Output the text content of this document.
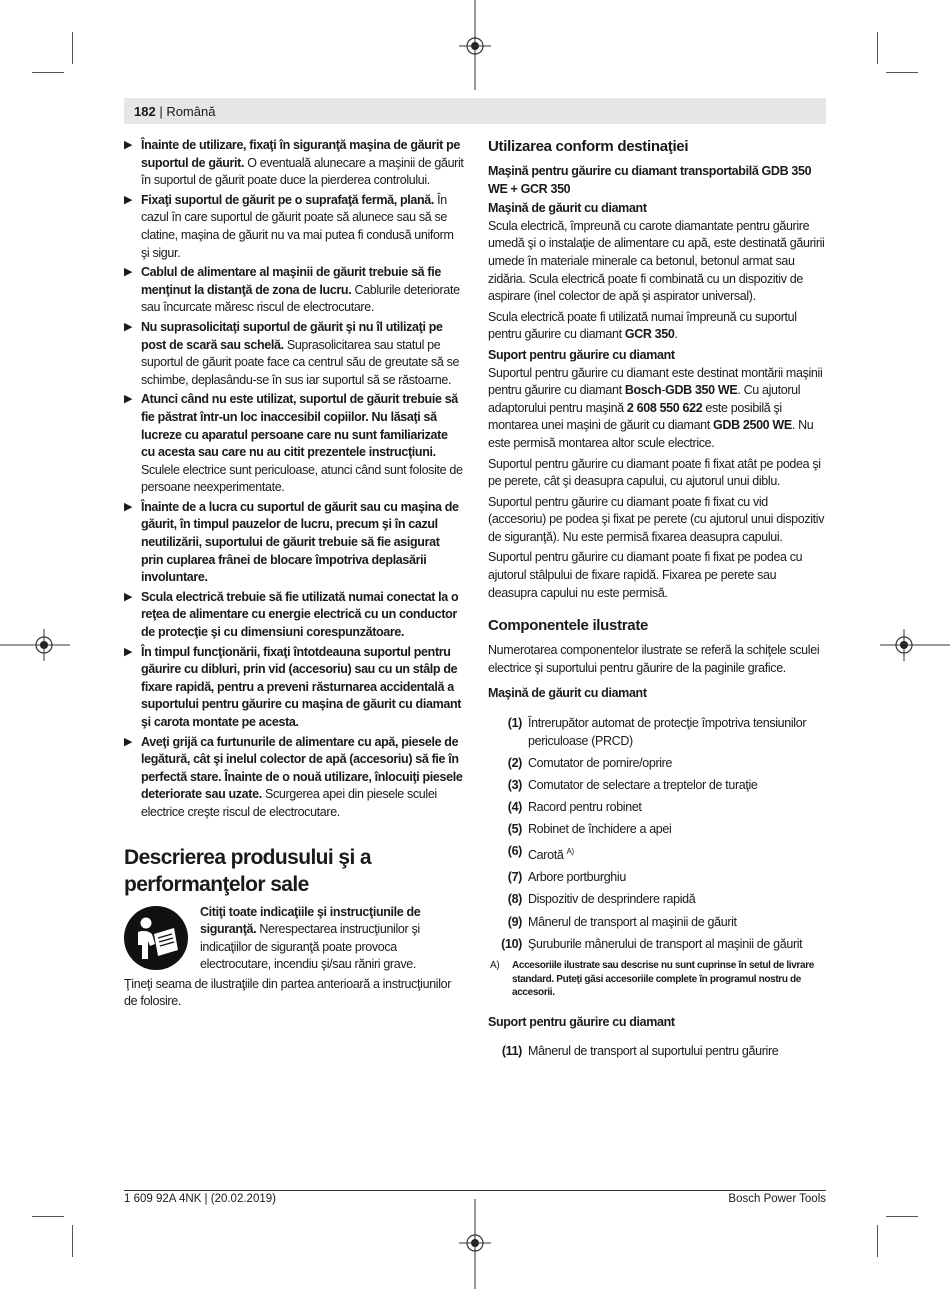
182 | Română
▶ Înainte de utilizare, fixaţi în siguranţă maşina de găurit pe suportul de găurit. O eventuală alunecare a maşinii de găurit în suportul de găurit poate duce la pierderea controlului.
▶ Fixaţi suportul de găurit pe o suprafaţă fermă, plană. În cazul în care suportul de găurit poate să alunece sau să se clatine, maşina de găurit nu va mai putea fi condusă uniform şi sigur.
▶ Cablul de alimentare al maşinii de găurit trebuie să fie menţinut la distanţă de zona de lucru. Cablurile deteriorate sau încurcate măresc riscul de electrocutare.
▶ Nu suprasolicitaţi suportul de găurit şi nu îl utilizaţi pe post de scară sau schelă. Suprasolicitarea sau statul pe suportul de găurit poate face ca centrul său de greutate să se schimbe, deplasându-se în sus iar suportul să se răstoarne.
▶ Atunci când nu este utilizat, suportul de găurit trebuie să fie păstrat într-un loc inaccesibil copiilor. Nu lăsaţi să lucreze cu aparatul persoane care nu sunt familiarizate cu acesta sau care nu au citit prezentele instrucţiuni. Sculele electrice sunt periculoase, atunci când sunt folosite de persoane neexperimentate.
▶ Înainte de a lucra cu suportul de găurit sau cu maşina de găurit, în timpul pauzelor de lucru, precum şi în cazul neutilizării, suportului de găurit trebuie să fie asigurat prin cuplarea frânei de blocare împotriva deplasării involuntare.
▶ Scula electrică trebuie să fie utilizată numai conectat la o reţea de alimentare cu energie electrică cu un conductor de protecţie şi cu dimensiuni corespunzătoare.
▶ În timpul funcţionării, fixaţi întotdeauna suportul pentru găurire cu dibluri, prin vid (accesoriu) sau cu un stâlp de fixare rapidă, pentru a preveni răsturnarea accidentală a suportului pentru găurire cu maşina de găurit cu diamant şi carota montate pe acesta.
▶ Aveţi grijă ca furtunurile de alimentare cu apă, piesele de legătură, cât şi inelul colector de apă (accesoriu) să fie în perfectă stare. Înainte de o nouă utilizare, înlocuiţi piesele deteriorate sau uzate. Scurgerea apei din piesele sculei electrice creşte riscul de electrocutare.
Descrierea produsului şi a performanţelor sale
Citiţi toate indicaţiile şi instrucţiunile de siguranţă. Nerespectarea instrucţiunilor şi indicaţiilor de siguranţă poate provoca electrocutare, incendiu şi/sau răniri grave.
Ţineţi seama de ilustraţiile din partea anterioară a instrucţiunilor de folosire.
Utilizarea conform destinaţiei
Maşină pentru găurire cu diamant transportabilă GDB 350 WE + GCR 350
Maşină de găurit cu diamant
Scula electrică, împreună cu carote diamantate pentru găurire umedă şi o instalaţie de alimentare cu apă, este destinată găuririi umede în materiale minerale ca betonul, betonul armat sau zidăria. Scula electrică poate fi combinată cu un dispozitiv de aspirare (inel colector de apă şi aspirator universal).
Scula electrică poate fi utilizată numai împreună cu suportul pentru găurire cu diamant GCR 350.
Suport pentru găurire cu diamant
Suportul pentru găurire cu diamant este destinat montării maşinii pentru găurire cu diamant Bosch-GDB 350 WE. Cu ajutorul adaptorului pentru maşină 2 608 550 622 este posibilă şi montarea unei maşini de găurit cu diamant GDB 2500 WE. Nu este permisă montarea altor scule electrice.
Suportul pentru găurire cu diamant poate fi fixat atât pe podea şi pe perete, cât şi deasupra capului, cu ajutorul unui diblu.
Suportul pentru găurire cu diamant poate fi fixat cu vid (accesoriu) pe podea şi fixat pe perete (cu ajutorul unui dispozitiv de siguranţă). Nu este permisă fixarea deasupra capului.
Suportul pentru găurire cu diamant poate fi fixat pe podea cu ajutorul stâlpului de fixare rapidă. Fixarea pe perete sau deasupra capului nu este permisă.
Componentele ilustrate
Numerotarea componentelor ilustrate se referă la schiţele sculei electrice şi suportului pentru găurire de la paginile grafice.
Maşină de găurit cu diamant
(1) Întrerupător automat de protecţie împotriva tensiunilor periculoase (PRCD)
(2) Comutator de pornire/oprire
(3) Comutator de selectare a treptelor de turaţie
(4) Racord pentru robinet
(5) Robinet de închidere a apei
(6) Carotă $^{A)}$
(7) Arbore portburghiu
(8) Dispozitiv de desprindere rapidă
(9) Mânerul de transport al maşinii de găurit
(10) Şuruburile mânerului de transport al maşinii de găurit
A) Accesoriile ilustrate sau descrise nu sunt cuprinse în setul de livrare standard. Puteţi găsi accesoriile complete în programul nostru de accesorii.
Suport pentru găurire cu diamant
(11) Mânerul de transport al suportului pentru găurire
1 609 92A 4NK | (20.02.2019)	Bosch Power Tools
